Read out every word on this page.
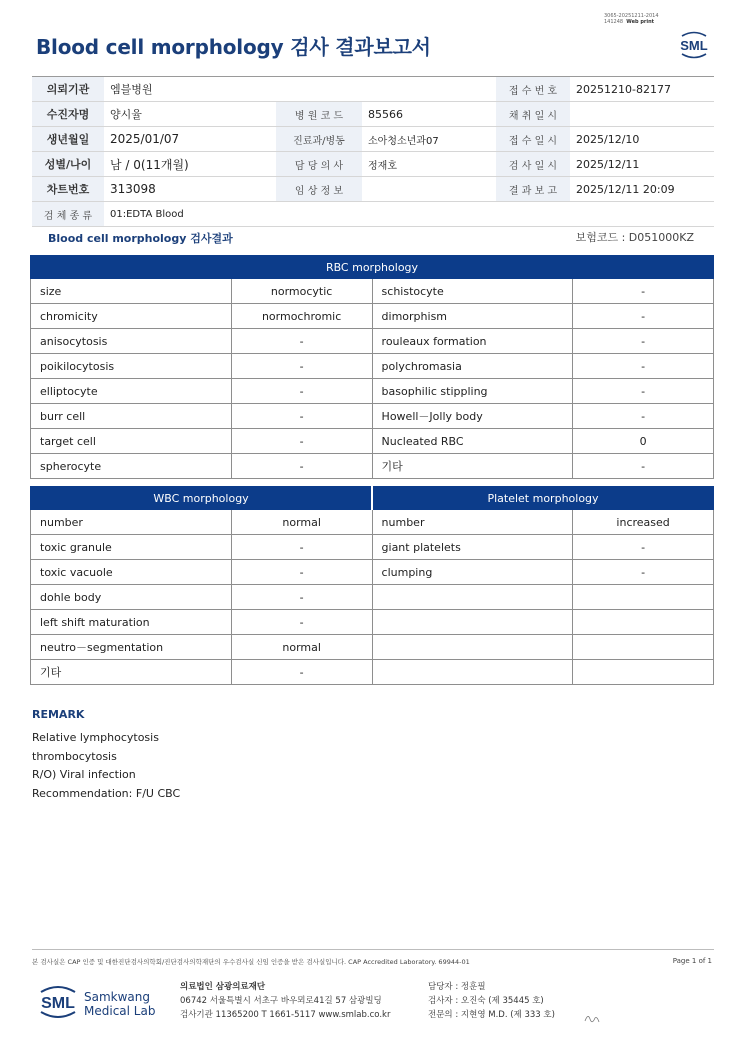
Blood cell morphology 검사 결과보고서
3065-20251211-2014
141248 Web print
SML
의뢰기관	엠블병원			접 수 번 호	20251210-82177
수진자명	양시율	병 원 코 드	85566	채 취 일 시	
생년월일	2025/01/07	진료과/병동	소아청소년과07	접 수 일 시	2025/12/10
성별/나이	남 / 0(11개월)	담 당 의 사	정재호	검 사 일 시	2025/12/11
차트번호	313098	임 상 정 보		결 과 보 고	2025/12/11 20:09
검 체 종 류	01:EDTA Blood				
Blood cell morphology 검사결과	보험코드 : D051000KZ
RBC morphology			
size	normocytic	schistocyte	-
chromicity	normochromic	dimorphism	-
anisocytosis	-	rouleaux formation	-
poikilocytosis	-	polychromasia	-
elliptocyte	-	basophilic stippling	-
burr cell	-	Howell－Jolly body	-
target cell	-	Nucleated RBC	0
spherocyte	-	기타	-
WBC morphology		Platelet morphology	
number	normal	number	increased
toxic granule	-	giant platelets	-
toxic vacuole	-	clumping	-
dohle body	-		
left shift maturation	-		
neutro－segmentation	normal		
기타	-		
REMARK
Relative lymphocytosis
thrombocytosis
R/O) Viral infection
Recommendation: F/U CBC
본 검사실은 CAP 인증 및 대한진단검사의학회/진단검사의학재단의 우수검사실 신임 인증을 받은 검사실입니다. CAP Accredited Laboratory. 69944-01	Page 1 of 1
SML Samkwang
Medical Lab
의료법인 삼광의료재단
06742 서울특별시 서초구 바우뫼로41길 57 삼광빌딩
검사기관 11365200 T 1661-5117 www.smlab.co.kr
담당자 : 정훈필
검사자 : 오진숙 (제 35445 호)
전문의 : 지현영 M.D. (제 333 호)
